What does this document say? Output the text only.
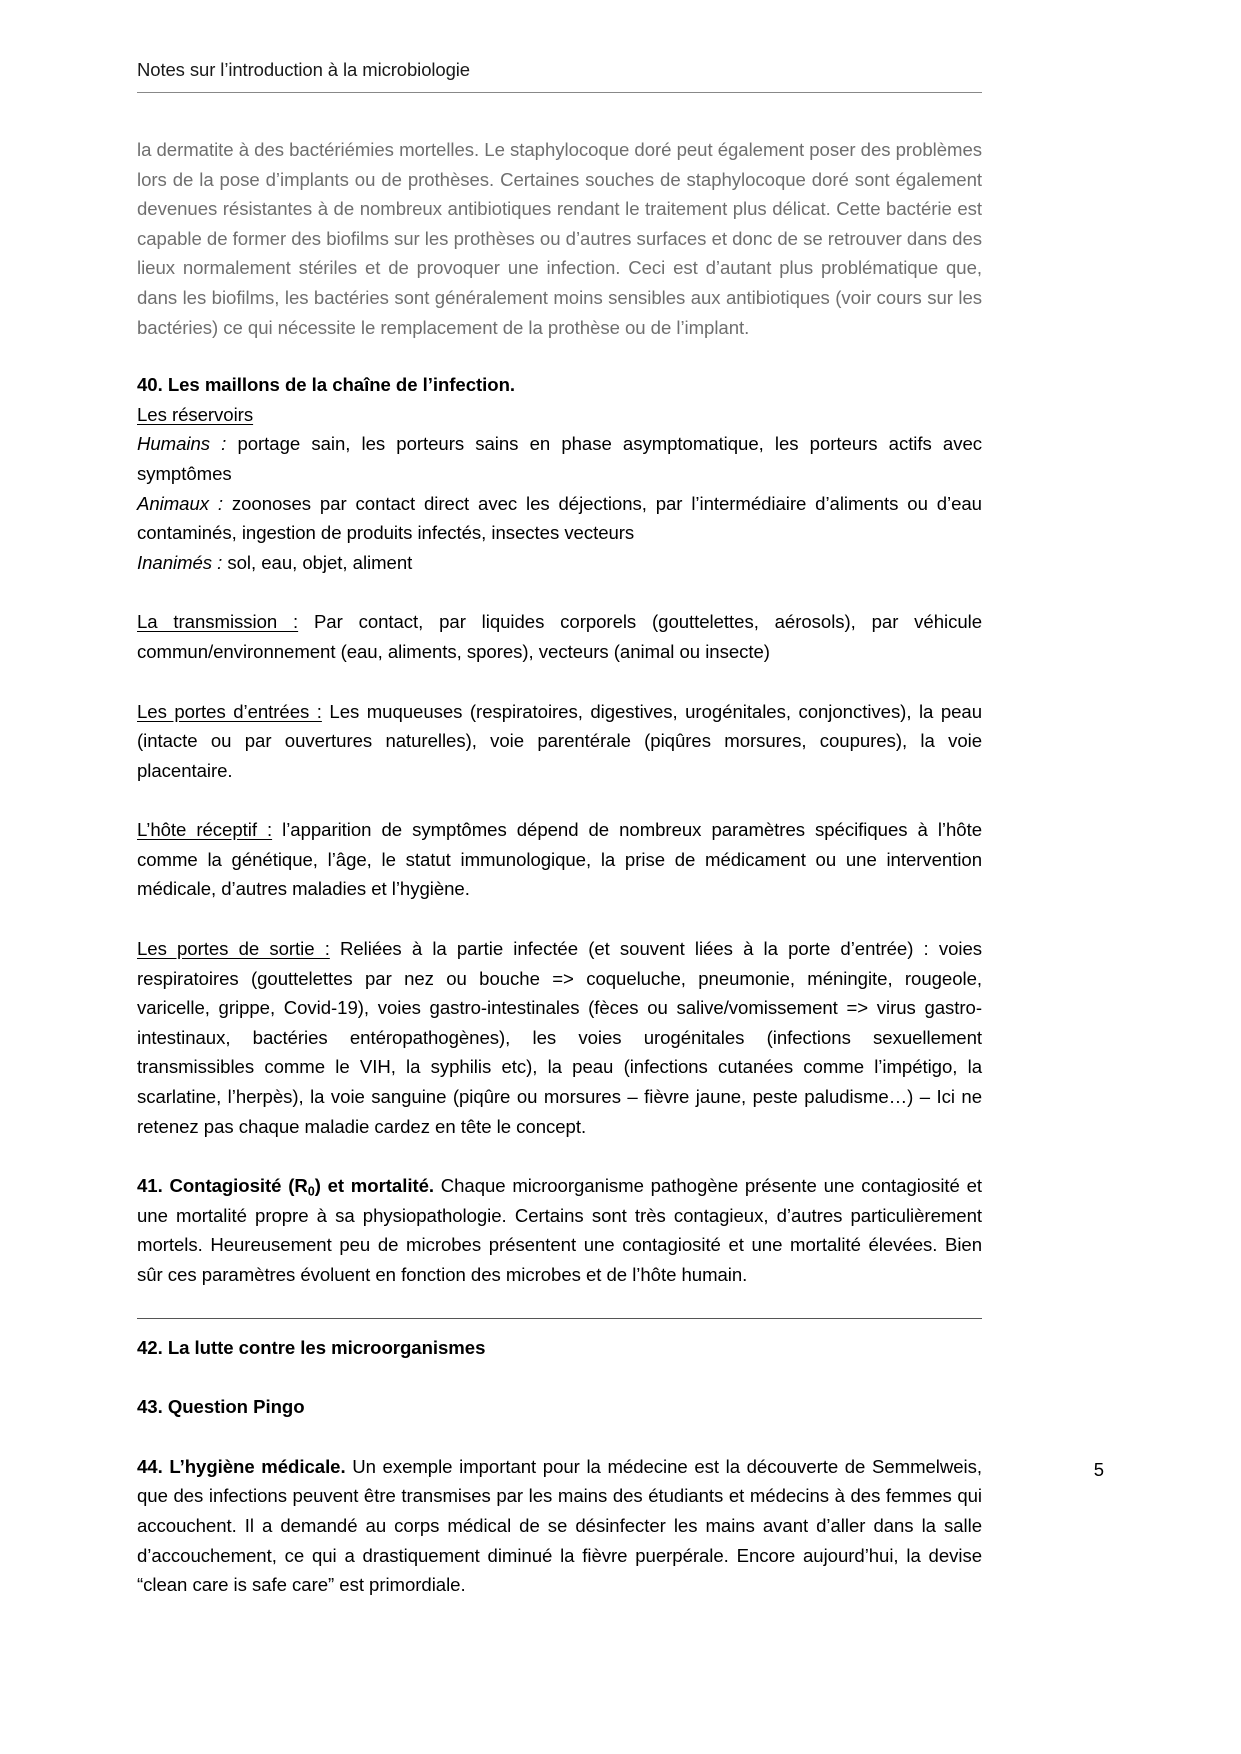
Notes sur l’introduction à la microbiologie

la dermatite à des bactériémies mortelles. Le staphylocoque doré peut également poser des problèmes lors de la pose d’implants ou de prothèses. Certaines souches de staphylocoque doré sont également devenues résistantes à de nombreux antibiotiques rendant le traitement plus délicat. Cette bactérie est capable de former des biofilms sur les prothèses ou d’autres surfaces et donc de se retrouver dans des lieux normalement stériles et de provoquer une infection. Ceci est d’autant plus problématique que, dans les biofilms, les bactéries sont généralement moins sensibles aux antibiotiques (voir cours sur les bactéries) ce qui nécessite le remplacement de la prothèse ou de l’implant.

40. Les maillons de la chaîne de l’infection.

Les réservoirs

Humains : portage sain, les porteurs sains en phase asymptomatique, les porteurs actifs avec symptômes

Animaux : zoonoses par contact direct avec les déjections, par l’intermédiaire d’aliments ou d’eau contaminés, ingestion de produits infectés, insectes vecteurs

Inanimés : sol, eau, objet, aliment

La transmission : Par contact, par liquides corporels (gouttelettes, aérosols), par véhicule commun/environnement (eau, aliments, spores), vecteurs (animal ou insecte)

Les portes d’entrées : Les muqueuses (respiratoires, digestives, urogénitales, conjonctives), la peau (intacte ou par ouvertures naturelles), voie parentérale (piqûres morsures, coupures), la voie placentaire.

L’hôte réceptif : l’apparition de symptômes dépend de nombreux paramètres spécifiques à l’hôte comme la génétique, l’âge, le statut immunologique, la prise de médicament ou une intervention médicale, d’autres maladies et l’hygiène.

Les portes de sortie : Reliées à la partie infectée (et souvent liées à la porte d’entrée) : voies respiratoires (gouttelettes par nez ou bouche => coqueluche, pneumonie, méningite, rougeole, varicelle, grippe, Covid-19), voies gastro-intestinales (fèces ou salive/vomissement => virus gastro-intestinaux, bactéries entéropathogènes), les voies urogénitales (infections sexuellement transmissibles comme le VIH, la syphilis etc), la peau (infections cutanées comme l’impétigo, la scarlatine, l’herpès), la voie sanguine (piqûre ou morsures – fièvre jaune, peste paludisme…) – Ici ne retenez pas chaque maladie cardez en tête le concept.

41. Contagiosité $(R_0)$ et mortalité. Chaque microorganisme pathogène présente une contagiosité et une mortalité propre à sa physiopathologie. Certains sont très contagieux, d’autres particulièrement mortels. Heureusement peu de microbes présentent une contagiosité et une mortalité élevées. Bien sûr ces paramètres évoluent en fonction des microbes et de l’hôte humain.

42. La lutte contre les microorganismes
43. Question Pingo

44. L’hygiène médicale. Un exemple important pour la médecine est la découverte de Semmelweis, que des infections peuvent être transmises par les mains des étudiants et médecins à des femmes qui accouchent. Il a demandé au corps médical de se désinfecter les mains avant d’aller dans la salle d’accouchement, ce qui a drastiquement diminué la fièvre puerpérale. Encore aujourd’hui, la devise “clean care is safe care” est primordiale.

5
